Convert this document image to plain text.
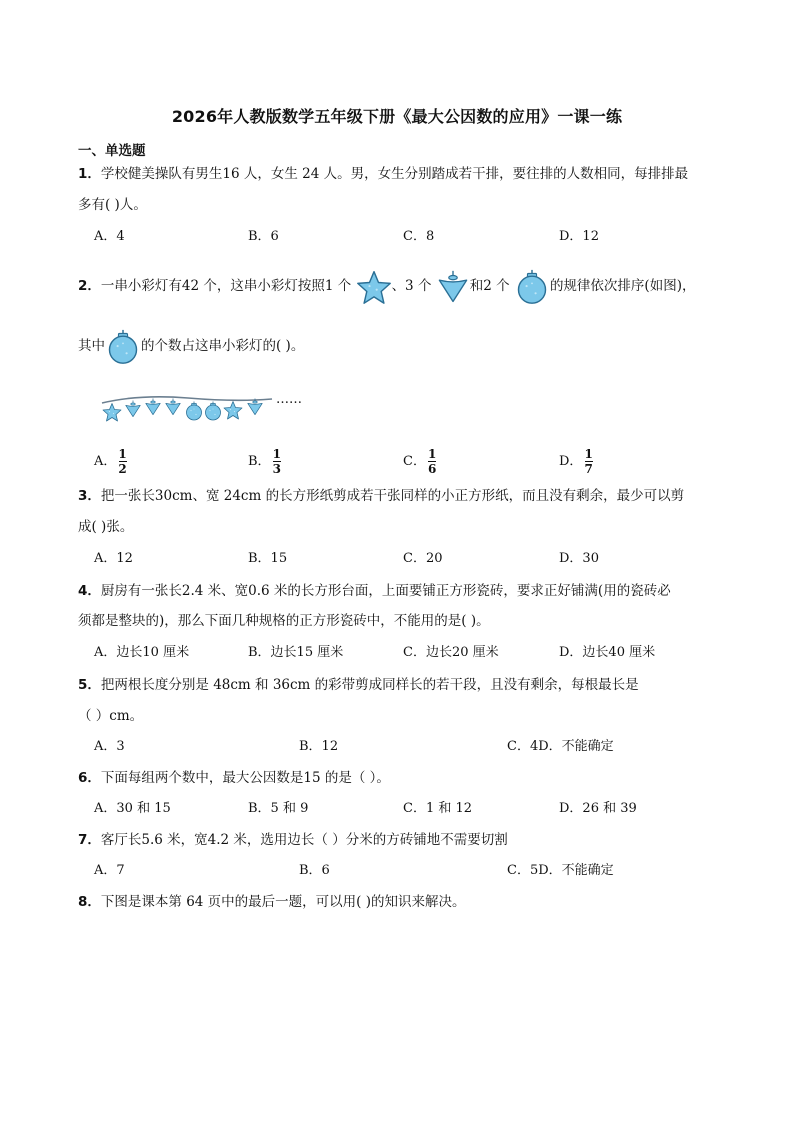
2026年人教版数学五年级下册《最大公因数的应用》一课一练
一、单选题
1．学校健美操队有男生16 人，女生 24 人。男，女生分别踏成若干排，要往排的人数相同，每排排最
多有( )人。
A．4	B．6	C．8	D．12
2．一串小彩灯有42 个，这串小彩灯按照1 个	、3 个	和2 个	的规律依次排序(如图)，
其中	的个数占这串小彩灯的( )。
……
A． $\frac{1}{2}$	B． $\frac{1}{3}$	C． $\frac{1}{6}$	D． $\frac{1}{7}$
3．把一张长30cm、宽 24cm 的长方形纸剪成若干张同样的小正方形纸，而且没有剩余，最少可以剪
成( )张。
A．12	B．15	C．20	D．30
4．厨房有一张长2.4 米、宽0.6 米的长方形台面，上面要铺正方形瓷砖，要求正好铺满(用的瓷砖必
须都是整块的)，那么下面几种规格的正方形瓷砖中，不能用的是( )。
A．边长10 厘米	B．边长15 厘米	C．边长20 厘米	D．边长40 厘米
5．把两根长度分别是 48cm 和 36cm 的彩带剪成同样长的若干段，且没有剩余，每根最长是
（ ）cm。
A．3	B．12	C．4D．不能确定
6．下面每组两个数中，最大公因数是15 的是（ ）。
A．30 和 15	B．5 和 9	C．1 和 12	D．26 和 39
7．客厅长5.6 米，宽4.2 米，选用边长（ ）分米的方砖铺地不需要切割
A．7	B．6	C．5D．不能确定
8．下图是课本第 64 页中的最后一题，可以用( )的知识来解决。
